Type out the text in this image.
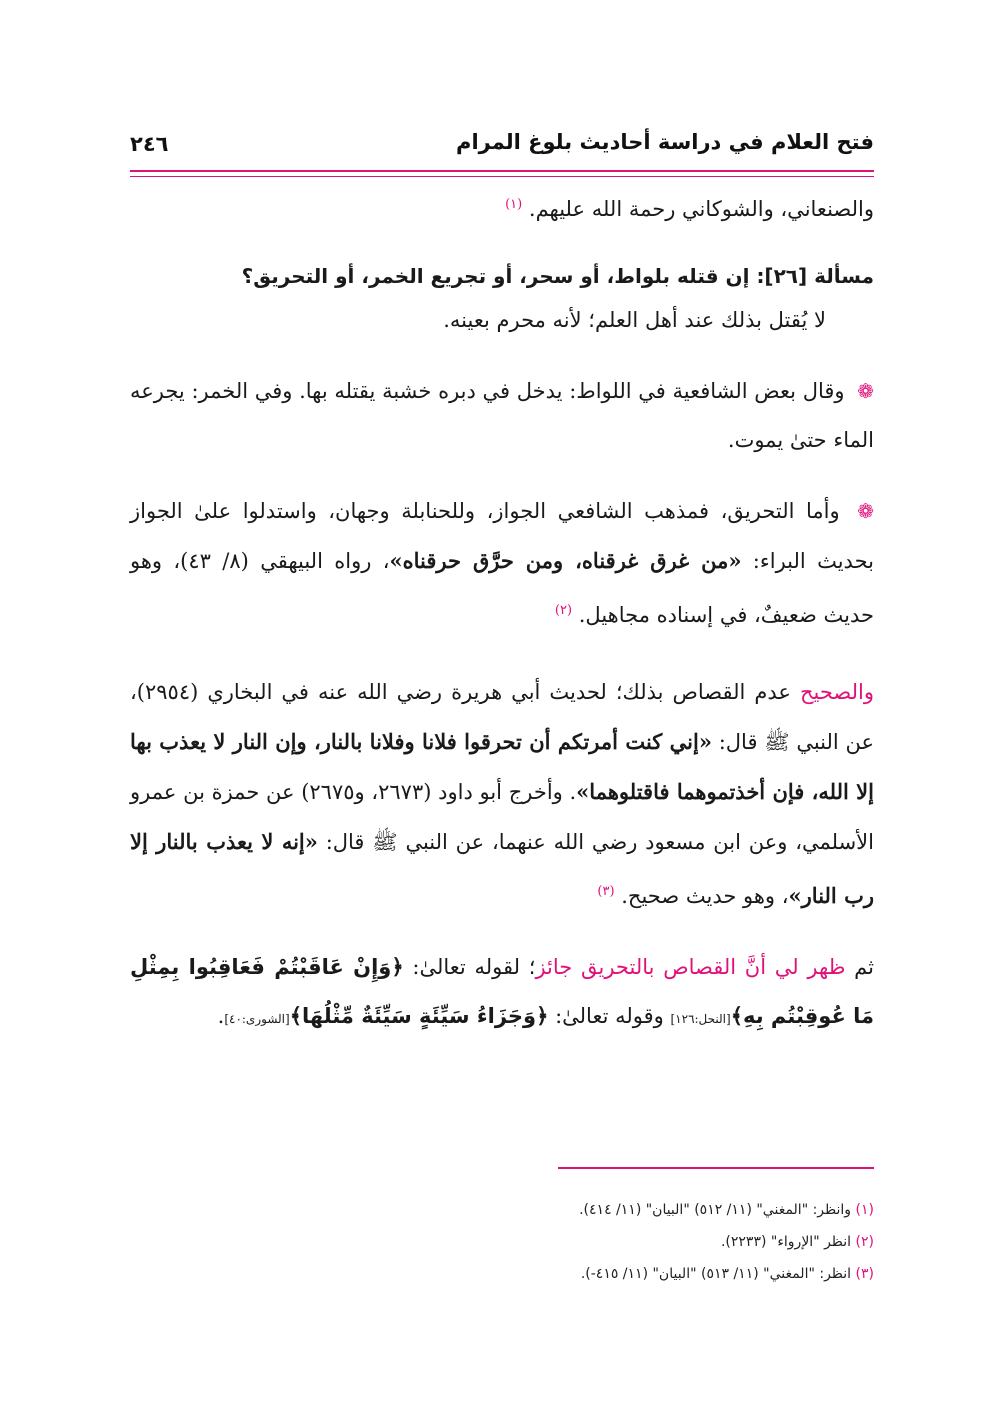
فتح العلام في دراسة أحاديث بلوغ المرام
٢٤٦

والصنعاني، والشوكاني رحمة الله عليهم. $^{(١)}$

مسألة [٢٦]: إن قتله بلواط، أو سحر، أو تجريع الخمر، أو التحريق؟

لا يُقتل بذلك عند أهل العلم؛ لأنه محرم بعينه.

❁ وقال بعض الشافعية في اللواط: يدخل في دبره خشبة يقتله بها. وفي الخمر: يجرعه الماء حتىٰ يموت.

❁ وأما التحريق، فمذهب الشافعي الجواز، وللحنابلة وجهان، واستدلوا علىٰ الجواز بحديث البراء: «من غرق غرقناه، ومن حرَّق حرقناه»، رواه البيهقي (٨/ ٤٣)، وهو حديث ضعيفٌ، في إسناده مجاهيل. $^{(٢)}$

والصحيح عدم القصاص بذلك؛ لحديث أبي هريرة رضي الله عنه في البخاري (٢٩٥٤)، عن النبي ﷺ قال: «إني كنت أمرتكم أن تحرقوا فلانا وفلانا بالنار، وإن النار لا يعذب بها إلا الله، فإن أخذتموهما فاقتلوهما». وأخرج أبو داود (٢٦٧٣، و٢٦٧٥) عن حمزة بن عمرو الأسلمي، وعن ابن مسعود رضي الله عنهما، عن النبي ﷺ قال: «إنه لا يعذب بالنار إلا رب النار»، وهو حديث صحيح. $^{(٣)}$

ثم ظهر لي أنَّ القصاص بالتحريق جائز؛ لقوله تعالىٰ: ﴿وَإِنْ عَاقَبْتُمْ فَعَاقِبُوا بِمِثْلِ مَا عُوقِبْتُم بِهِ﴾[النحل:١٢٦] وقوله تعالىٰ: ﴿وَجَزَاءُ سَيِّئَةٍ سَيِّئَةٌ مِّثْلُهَا﴾[الشورى:٤٠].

(١) وانظر: "المغني" (١١/ ٥١٢) "البيان" (١١/ ٤١٤).
(٢) انظر "الإرواء" (٢٢٣٣).
(٣) انظر: "المغني" (١١/ ٥١٣) "البيان" (١١/ ٤١٥-).
